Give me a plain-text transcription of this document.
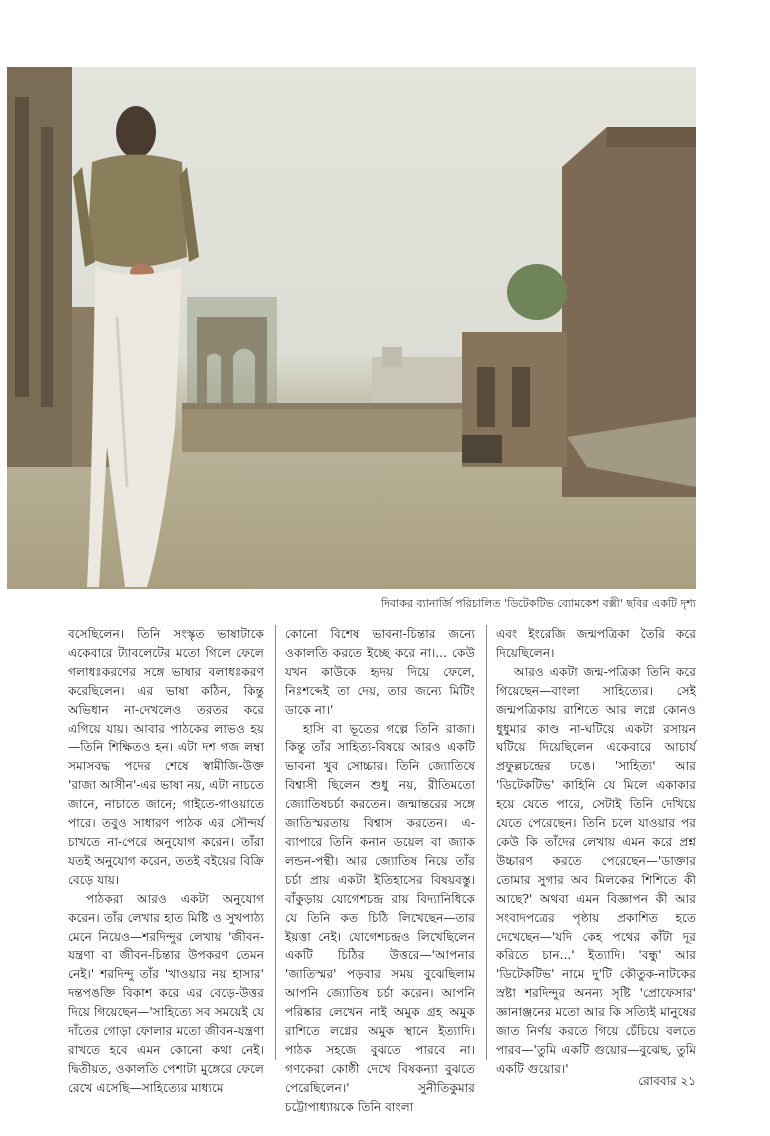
দিবাকর ব্যানার্জি পরিচালিত 'ডিটেকটিভ ব্যোমকেশ বক্সী' ছবির একটি দৃশ্য

বসেছিলেন। তিনি সংস্কৃত ভাষাটাকে একেবারে ট্যাবলেটের মতো গিলে ফেলে গলাধঃকরণের সঙ্গে ভাষার বলাধঃকরণ করেছিলেন। এর ভাষা কঠিন, কিন্তু অভিধান না-দেখলেও তরতর করে এগিয়ে যায়। আবার পাঠকের লাভও হয়—তিনি শিক্ষিতও হন। এটা দশ গজ লম্বা সমাসবদ্ধ পদের শেষে স্বামীজি-উক্ত 'রাজা আসীন'-এর ভাষা নয়, এটা নাচতে জানে, নাচাতে জানে; গাইতে-গাওয়াতে পারে। তবুও সাধারণ পাঠক এর সৌন্দর্য চাখতে না-পেরে অনুযোগ করেন। তাঁরা যতই অনুযোগ করেন, ততই বইয়ের বিক্রি বেড়ে যায়।

পাঠকরা আরও একটা অনুযোগ করেন। তাঁর লেখার হাত মিষ্টি ও সুখপাঠ্য মেনে নিয়েও—শরদিন্দুর লেখায় 'জীবন-যন্ত্রণা বা জীবন-চিন্তার উপকরণ তেমন নেই।' শরদিন্দু তাঁর 'খাওয়ার নয় হাসার' দন্তপঙক্তি বিকাশ করে এর বেড়ে-উত্তর দিয়ে গিয়েছেন—'সাহিত্যে সব সময়েই যে দাঁতের গোড়া ফোলার মতো জীবন-যন্ত্রণা রাখতে হবে এমন কোনো কথা নেই। দ্বিতীয়ত, ওকালতি পেশাটা মুঙ্গেরে ফেলে রেখে এসেছি—সাহিত্যের মাধ্যমে

কোনো বিশেষ ভাবনা-চিন্তার জন্যে ওকালতি করতে ইচ্ছে করে না।... কেউ যখন কাউকে হৃদয় দিয়ে ফেলে, নিঃশব্দেই তা দেয়, তার জন্যে মিটিং ডাকে না।'

হাসি বা ভূতের গল্পে তিনি রাজা। কিন্তু তাঁর সাহিত্য-বিষয়ে আরও একটি ভাবনা খুব সোচ্চার। তিনি জ্যোতিষে বিশ্বাসী ছিলেন শুধু নয়, রীতিমতো জ্যোতিষচর্চা করতেন। জন্মান্তরের সঙ্গে জাতিস্মরতায় বিশ্বাস করতেন। এ-ব্যাপারে তিনি কনান ডয়েল বা জ্যাক লন্ডন-পন্থী। আর জ্যোতিষ নিয়ে তাঁর চর্চা প্রায় একটা ইতিহাসের বিষয়বস্তু। বাঁকুড়ায় যোগেশচন্দ্র রায় বিদ্যানিধিকে যে তিনি কত চিঠি লিখেছেন—তার ইয়ত্তা নেই। যোগেশচন্দ্রও লিখেছিলেন একটি চিঠির উত্তরে—'আপনার 'জাতিস্মর' পড়বার সময় বুঝেছিলাম আপনি জ্যোতিষ চর্চা করেন। আপনি পরিষ্কার লেখেন নাই অমুক গ্রহ অমুক রাশিতে লগ্নের অমুক স্থানে ইত্যাদি। পাঠক সহজে বুঝতে পারবে না। গণকেরা কোষ্ঠী দেখে বিষকন্যা বুঝতে পেরেছিলেন।' সুনীতিকুমার চট্টোপাধ্যায়কে তিনি বাংলা

এবং ইংরেজি জন্মপত্রিকা তৈরি করে দিয়েছিলেন।

আরও একটা জন্ম-পত্রিকা তিনি করে গিয়েছেন—বাংলা সাহিত্যের। সেই জন্মপত্রিকায় রাশিতে আর লগ্নে কোনও ধুধুমার কাণ্ড না-ঘটিয়ে একটা রসায়ন ঘটিয়ে দিয়েছিলেন একেবারে আচার্য প্রফুল্লচন্দ্রের ঢঙে। 'সাহিত্য' আর 'ডিটেকটিভ' কাহিনি যে মিলে একাকার হয়ে যেতে পারে, সেটাই তিনি দেখিয়ে যেতে পেরেছেন। তিনি চলে যাওয়ার পর কেউ কি তাঁদের লেখায় এমন করে প্রশ্ন উচ্চারণ করতে পেরেছেন—'ডাক্তার তোমার সুগার অব মিলকের শিশিতে কী আছে?' অথবা এমন বিজ্ঞাপন কী আর সংবাদপত্রের পৃষ্ঠায় প্রকাশিত হতে দেখেছেন—'যদি কেহ পথের কাঁটা দূর করিতে চান...' ইত্যাদি। 'বন্ধু' আর 'ডিটেকটিভ' নামে দু'টি কৌতুক-নাটকের স্রষ্টা শরদিন্দুর অনন্য সৃষ্টি 'প্রোফেসার' জ্ঞানাঞ্জনের মতো আর কি সত্যিই মানুষের জাত নির্ণয় করতে গিয়ে চেঁচিয়ে বলতে পারব—'তুমি একটি গুয়োর—বুঝেছ, তুমি একটি গুয়োর।'

রোববার ২১
